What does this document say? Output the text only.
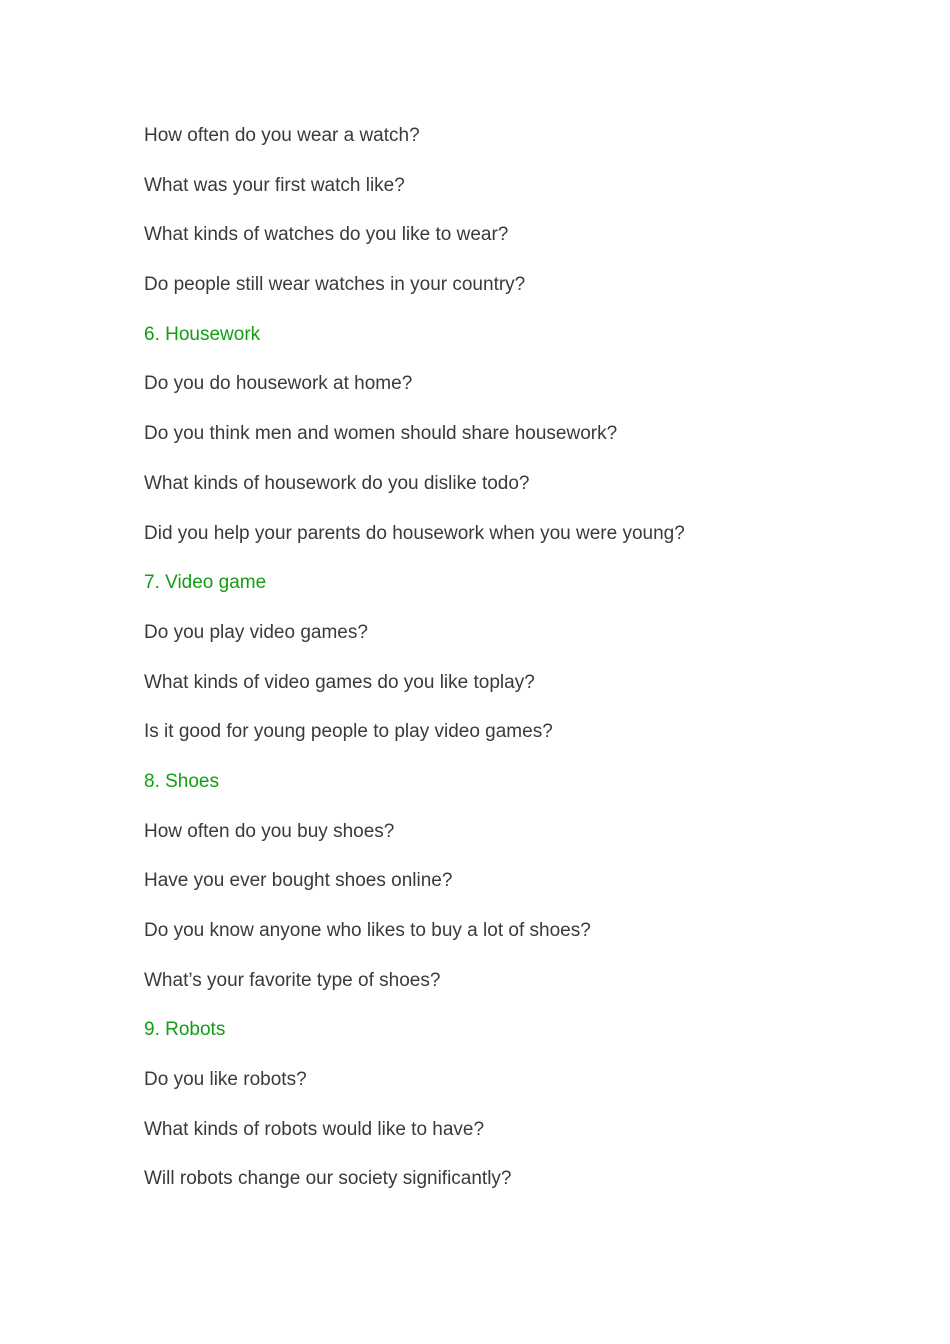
How often do you wear a watch?
What was your first watch like?
What kinds of watches do you like to wear?
Do people still wear watches in your country?
6. Housework
Do you do housework at home?
Do you think men and women should share housework?
What kinds of housework do you dislike todo?
Did you help your parents do housework when you were young?
7. Video game
Do you play video games?
What kinds of video games do you like toplay?
Is it good for young people to play video games?
8. Shoes
How often do you buy shoes?
Have you ever bought shoes online?
Do you know anyone who likes to buy a lot of shoes?
What’s your favorite type of shoes?
9. Robots
Do you like robots?
What kinds of robots would like to have?
Will robots change our society significantly?
